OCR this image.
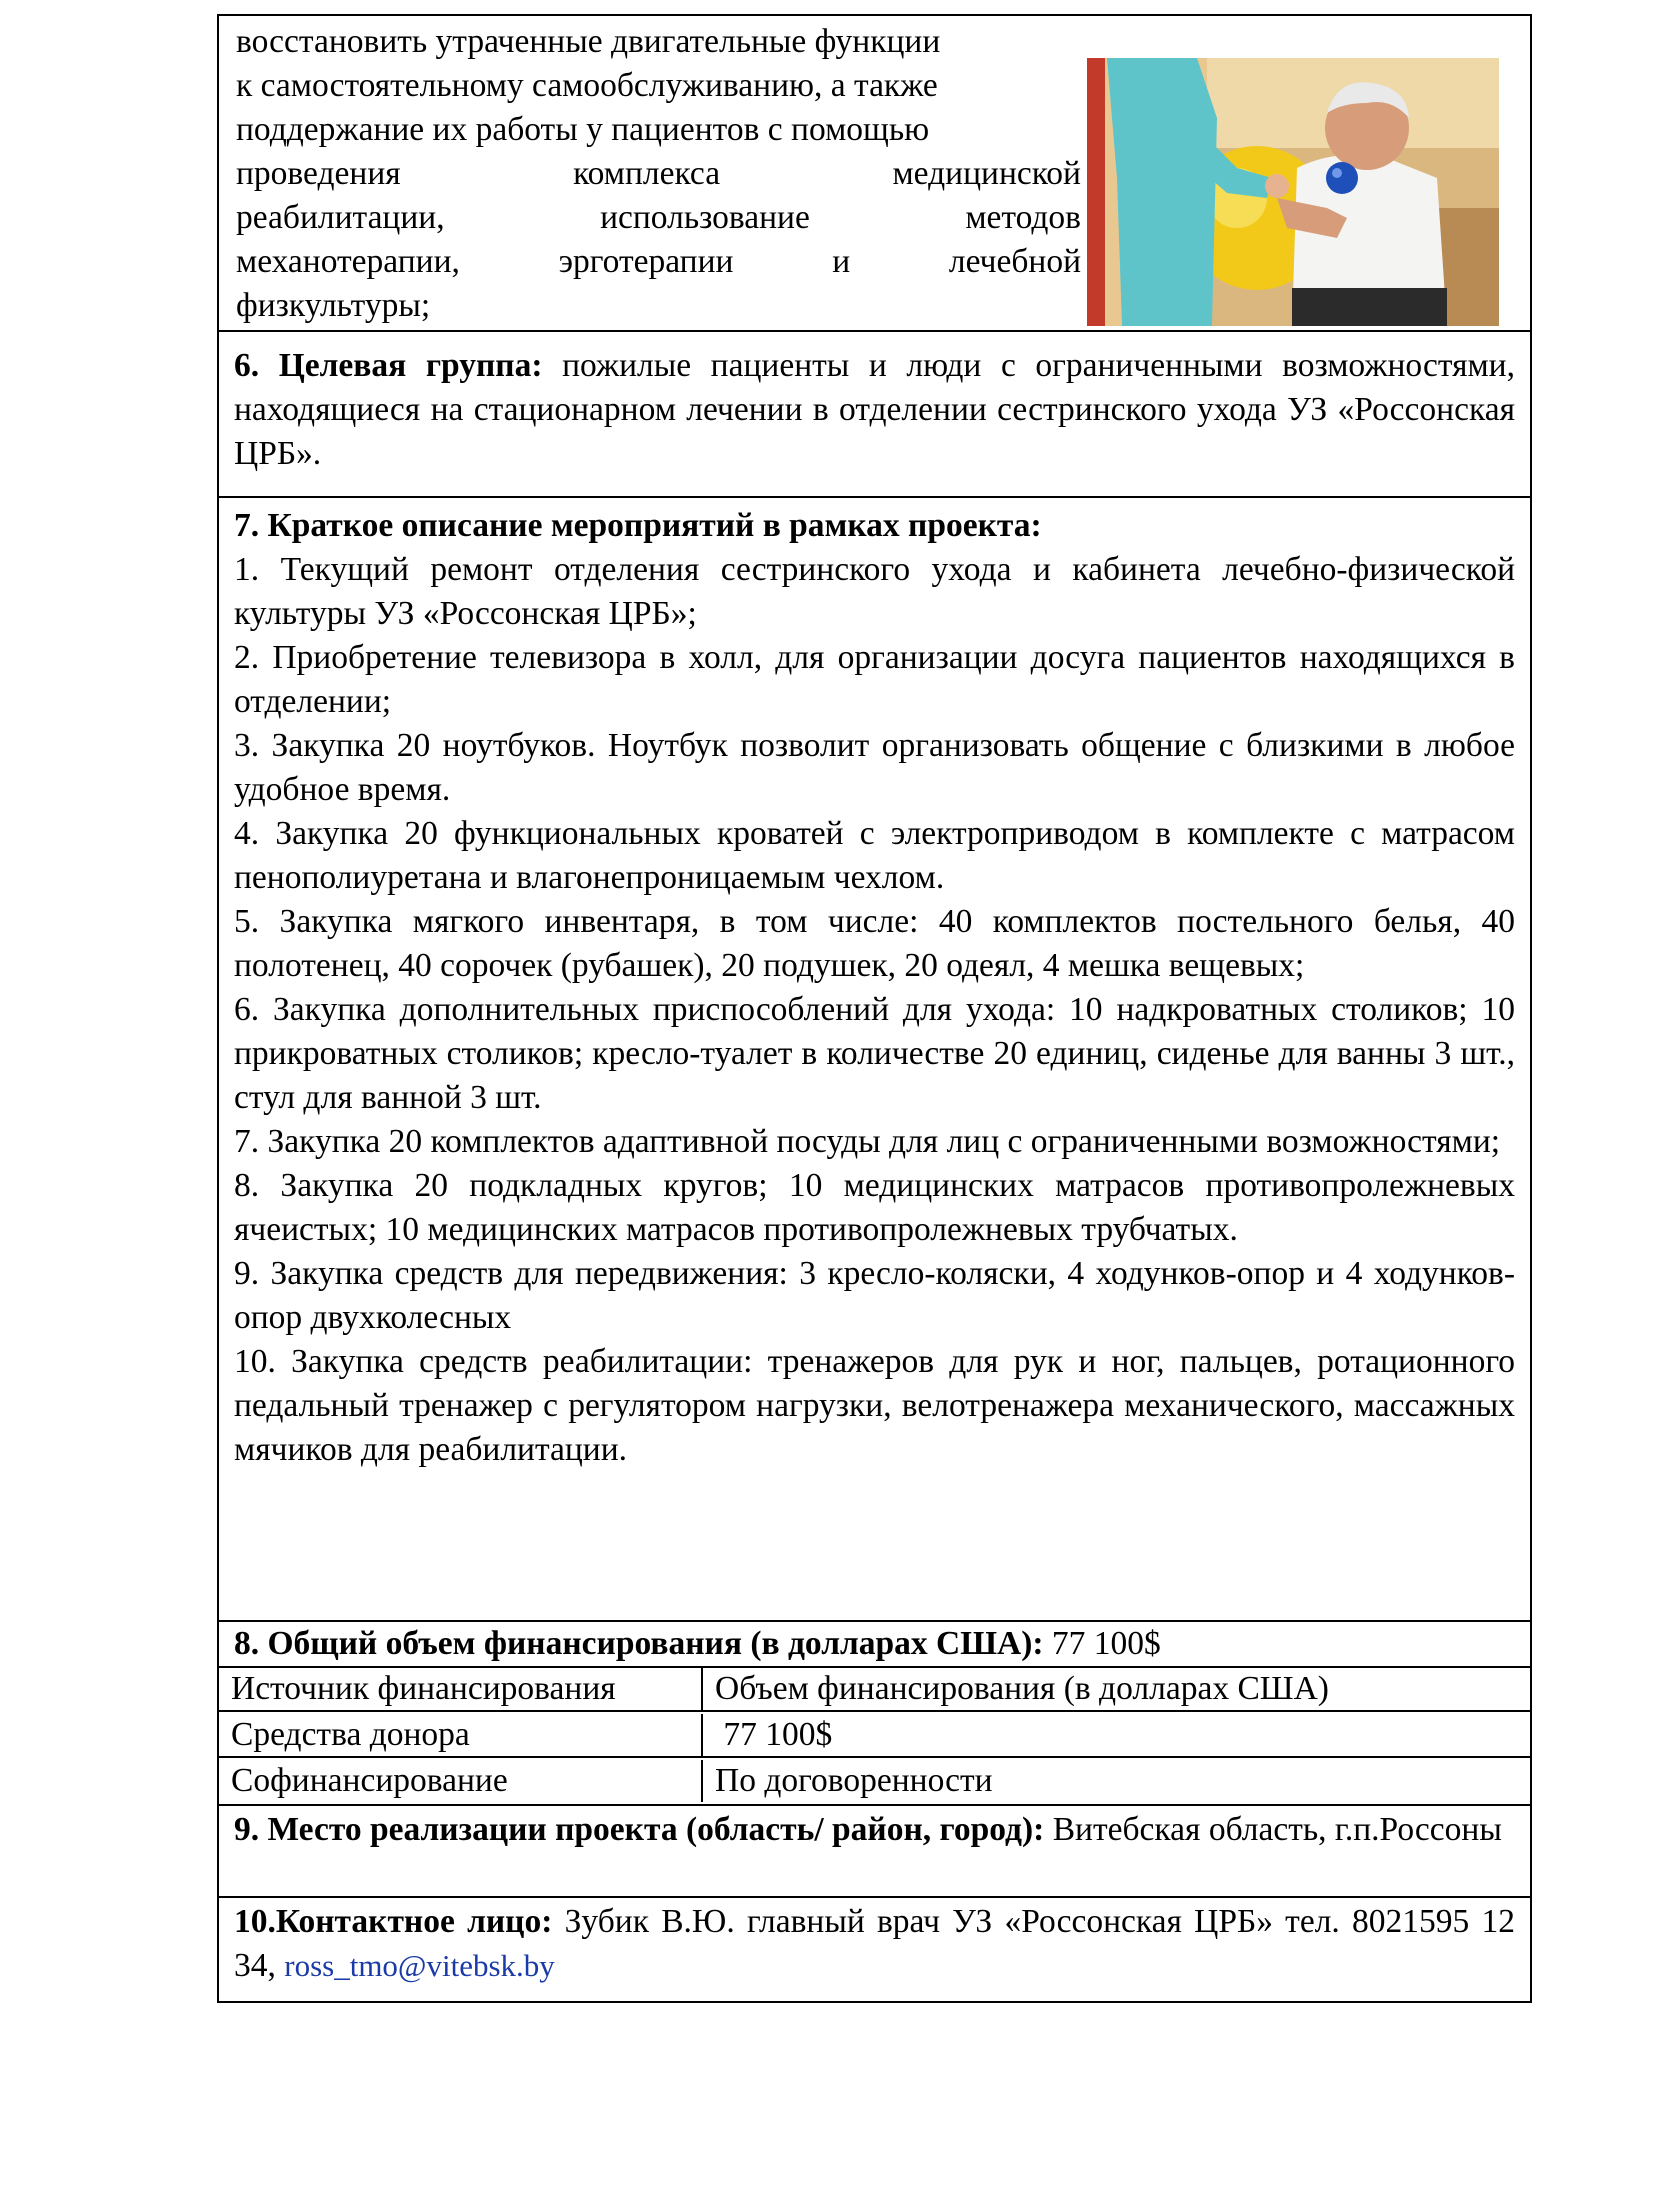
восстановить утраченные двигательные функции
к самостоятельному самообслуживанию, а также
поддержание их работы у пациентов с помощью
проведения комплекса медицинской
реабилитации, использование методов
механотерапии, эрготерапии и лечебной
физкультуры;
6. Целевая группа: пожилые пациенты и люди с ограниченными возможностями, находящиеся на стационарном лечении в отделении сестринского ухода УЗ «Россонская ЦРБ».
7. Краткое описание мероприятий в рамках проекта:

1. Текущий ремонт отделения сестринского ухода и кабинета лечебно-физической культуры УЗ «Россонская ЦРБ»;

2. Приобретение телевизора в холл, для организации досуга пациентов находящихся в отделении;

3. Закупка 20 ноутбуков. Ноутбук позволит организовать общение с близкими в любое удобное время.

4. Закупка 20 функциональных кроватей с электроприводом в комплекте с матрасом пенополиуретана и влагонепроницаемым чехлом.

5. Закупка мягкого инвентаря, в том числе: 40 комплектов постельного белья, 40 полотенец, 40 сорочек (рубашек), 20 подушек, 20 одеял, 4 мешка вещевых;

6. Закупка дополнительных приспособлений для ухода: 10 надкроватных столиков; 10 прикроватных столиков; кресло-туалет в количестве 20 единиц, сиденье для ванны 3 шт., стул для ванной 3 шт.

7. Закупка 20 комплектов адаптивной посуды для лиц с ограниченными возможностями;

8. Закупка 20 подкладных кругов; 10 медицинских матрасов противопролежневых ячеистых; 10 медицинских матрасов противопролежневых трубчатых.

9. Закупка средств для передвижения: 3 кресло-коляски, 4 ходунков-опор и 4 ходунков-опор двухколесных

10. Закупка средств реабилитации: тренажеров для рук и ног, пальцев, ротационного педальный тренажер с регулятором нагрузки, велотренажера механического, массажных мячиков для реабилитации.

8. Общий объем финансирования (в долларах США): 77 100$
Источник финансирования	Объем финансирования (в долларах США)
Средства донора	77 100$
Софинансирование	По договоренности
9. Место реализации проекта (область/ район, город): Витебская область, г.п.Россоны
10.Контактное лицо: Зубик В.Ю. главный врач УЗ «Россонская ЦРБ» тел. 8021595 12 34, ross_tmo@vitebsk.by
